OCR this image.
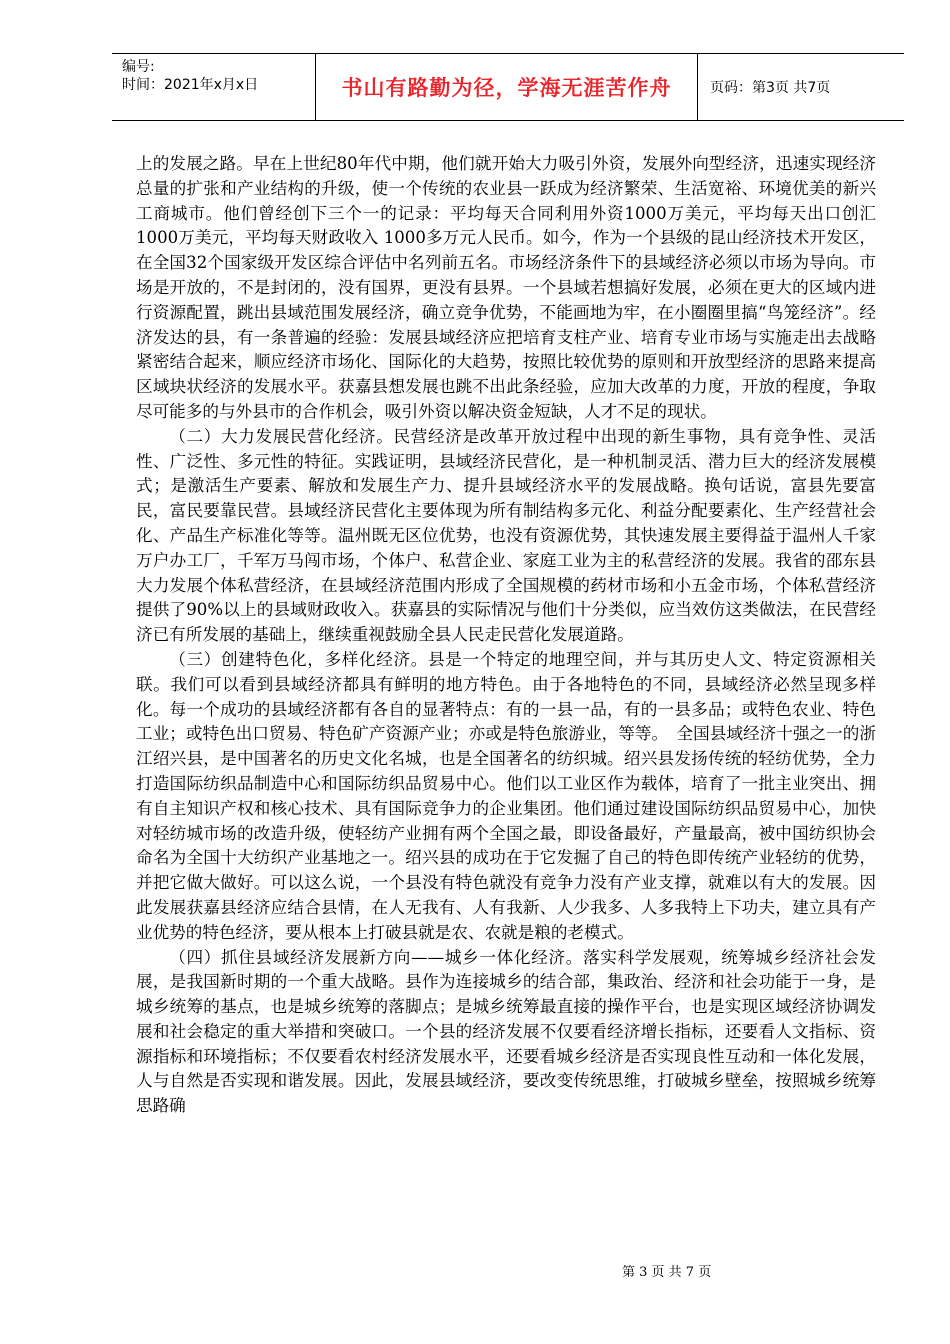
编号:
时间：2021年x月x日	书山有路勤为径，学海无涯苦作舟	页码：第3页 共7页

上的发展之路。早在上世纪80年代中期，他们就开始大力吸引外资，发展外向型经济，迅速实现经济总量的扩张和产业结构的升级，使一个传统的农业县一跃成为经济繁荣、生活宽裕、环境优美的新兴工商城市。他们曾经创下三个一的记录：平均每天合同利用外资1000万美元，平均每天出口创汇1000万美元，平均每天财政收入 1000多万元人民币。如今，作为一个县级的昆山经济技术开发区，在全国32个国家级开发区综合评估中名列前五名。市场经济条件下的县域经济必须以市场为导向。市场是开放的，不是封闭的，没有国界，更没有县界。一个县域若想搞好发展，必须在更大的区域内进行资源配置，跳出县域范围发展经济，确立竞争优势，不能画地为牢，在小圈圈里搞“鸟笼经济”。经济发达的县，有一条普遍的经验：发展县域经济应把培育支柱产业、培育专业市场与实施走出去战略紧密结合起来，顺应经济市场化、国际化的大趋势，按照比较优势的原则和开放型经济的思路来提高区域块状经济的发展水平。获嘉县想发展也跳不出此条经验，应加大改革的力度，开放的程度，争取尽可能多的与外县市的合作机会，吸引外资以解决资金短缺，人才不足的现状。

（二）大力发展民营化经济。民营经济是改革开放过程中出现的新生事物，具有竞争性、灵活性、广泛性、多元性的特征。实践证明，县域经济民营化，是一种机制灵活、潜力巨大的经济发展模式；是激活生产要素、解放和发展生产力、提升县域经济水平的发展战略。换句话说，富县先要富民，富民要靠民营。县域经济民营化主要体现为所有制结构多元化、利益分配要素化、生产经营社会化、产品生产标准化等等。温州既无区位优势，也没有资源优势，其快速发展主要得益于温州人千家万户办工厂，千军万马闯市场，个体户、私营企业、家庭工业为主的私营经济的发展。我省的邵东县大力发展个体私营经济，在县域经济范围内形成了全国规模的药材市场和小五金市场，个体私营经济提供了90%以上的县域财政收入。获嘉县的实际情况与他们十分类似，应当效仿这类做法，在民营经济已有所发展的基础上，继续重视鼓励全县人民走民营化发展道路。

（三）创建特色化，多样化经济。县是一个特定的地理空间，并与其历史人文、特定资源相关联。我们可以看到县域经济都具有鲜明的地方特色。由于各地特色的不同，县域经济必然呈现多样化。每一个成功的县域经济都有各自的显著特点：有的一县一品，有的一县多品；或特色农业、特色工业；或特色出口贸易、特色矿产资源产业；亦或是特色旅游业，等等。　全国县域经济十强之一的浙江绍兴县，是中国著名的历史文化名城，也是全国著名的纺织城。绍兴县发扬传统的轻纺优势，全力打造国际纺织品制造中心和国际纺织品贸易中心。他们以工业区作为载体，培育了一批主业突出、拥有自主知识产权和核心技术、具有国际竞争力的企业集团。他们通过建设国际纺织品贸易中心，加快对轻纺城市场的改造升级，使轻纺产业拥有两个全国之最，即设备最好，产量最高，被中国纺织协会命名为全国十大纺织产业基地之一。绍兴县的成功在于它发掘了自己的特色即传统产业轻纺的优势，并把它做大做好。可以这么说，一个县没有特色就没有竞争力没有产业支撑，就难以有大的发展。因此发展获嘉县经济应结合县情，在人无我有、人有我新、人少我多、人多我特上下功夫，建立具有产业优势的特色经济，要从根本上打破县就是农、农就是粮的老模式。

（四）抓住县域经济发展新方向——城乡一体化经济。落实科学发展观，统筹城乡经济社会发展，是我国新时期的一个重大战略。县作为连接城乡的结合部，集政治、经济和社会功能于一身，是城乡统筹的基点，也是城乡统筹的落脚点；是城乡统筹最直接的操作平台，也是实现区域经济协调发展和社会稳定的重大举措和突破口。一个县的经济发展不仅要看经济增长指标，还要看人文指标、资源指标和环境指标；不仅要看农村经济发展水平，还要看城乡经济是否实现良性互动和一体化发展，人与自然是否实现和谐发展。因此，发展县域经济，要改变传统思维，打破城乡壁垒，按照城乡统筹思路确

第 3 页 共 7 页
